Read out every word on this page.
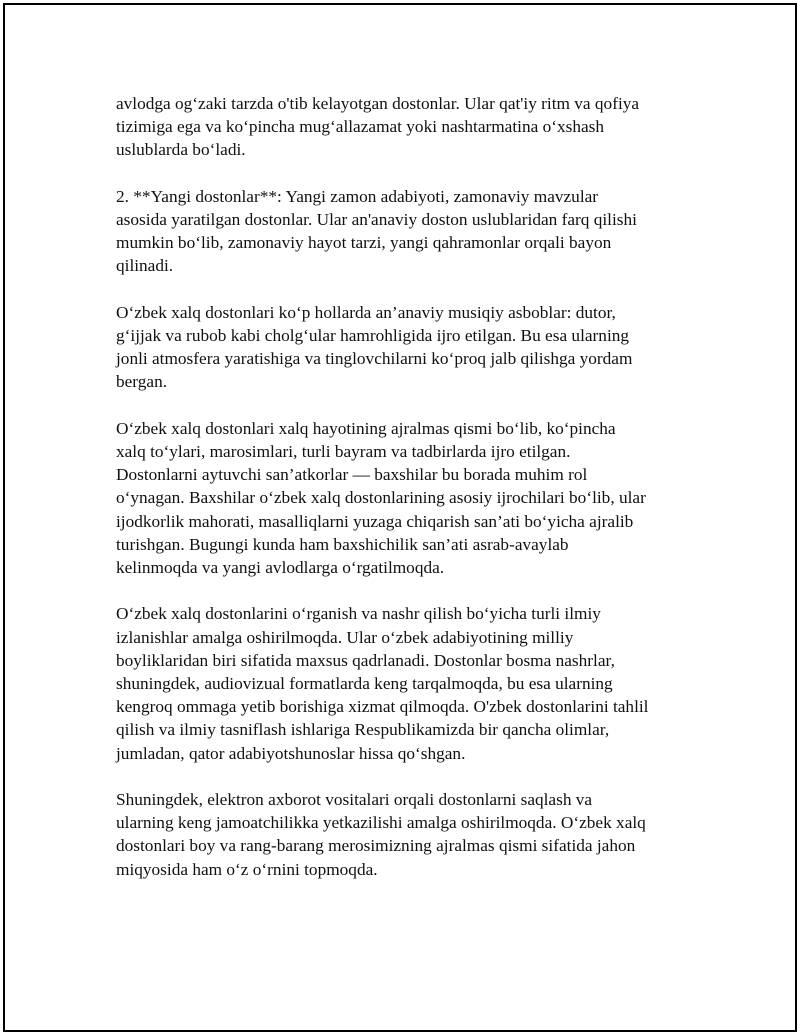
avlodga og‘zaki tarzda o'tib kelayotgan dostonlar. Ular qat'iy ritm va qofiya
tizimiga ega va ko‘pincha mug‘allazamat yoki nashtarmatina o‘xshash
uslublarda bo‘ladi.

2. **Yangi dostonlar**: Yangi zamon adabiyoti, zamonaviy mavzular
asosida yaratilgan dostonlar. Ular an'anaviy doston uslublaridan farq qilishi
mumkin bo‘lib, zamonaviy hayot tarzi, yangi qahramonlar orqali bayon
qilinadi.

O‘zbek xalq dostonlari ko‘p hollarda an’anaviy musiqiy asboblar: dutor,
g‘ijjak va rubob kabi cholg‘ular hamrohligida ijro etilgan. Bu esa ularning
jonli atmosfera yaratishiga va tinglovchilarni ko‘proq jalb qilishga yordam
bergan.

O‘zbek xalq dostonlari xalq hayotining ajralmas qismi bo‘lib, ko‘pincha
xalq to‘ylari, marosimlari, turli bayram va tadbirlarda ijro etilgan.
Dostonlarni aytuvchi san’atkorlar — baxshilar bu borada muhim rol
o‘ynagan. Baxshilar o‘zbek xalq dostonlarining asosiy ijrochilari bo‘lib, ular
ijodkorlik mahorati, masalliqlarni yuzaga chiqarish san’ati bo‘yicha ajralib
turishgan. Bugungi kunda ham baxshichilik san’ati asrab-avaylab
kelinmoqda va yangi avlodlarga o‘rgatilmoqda.

O‘zbek xalq dostonlarini o‘rganish va nashr qilish bo‘yicha turli ilmiy
izlanishlar amalga oshirilmoqda. Ular o‘zbek adabiyotining milliy
boyliklaridan biri sifatida maxsus qadrlanadi. Dostonlar bosma nashrlar,
shuningdek, audiovizual formatlarda keng tarqalmoqda, bu esa ularning
kengroq ommaga yetib borishiga xizmat qilmoqda. O'zbek dostonlarini tahlil
qilish va ilmiy tasniflash ishlariga Respublikamizda bir qancha olimlar,
jumladan, qator adabiyotshunoslar hissa qo‘shgan.

Shuningdek, elektron axborot vositalari orqali dostonlarni saqlash va
ularning keng jamoatchilikka yetkazilishi amalga oshirilmoqda. O‘zbek xalq
dostonlari boy va rang-barang merosimizning ajralmas qismi sifatida jahon
miqyosida ham o‘z o‘rnini topmoqda.
